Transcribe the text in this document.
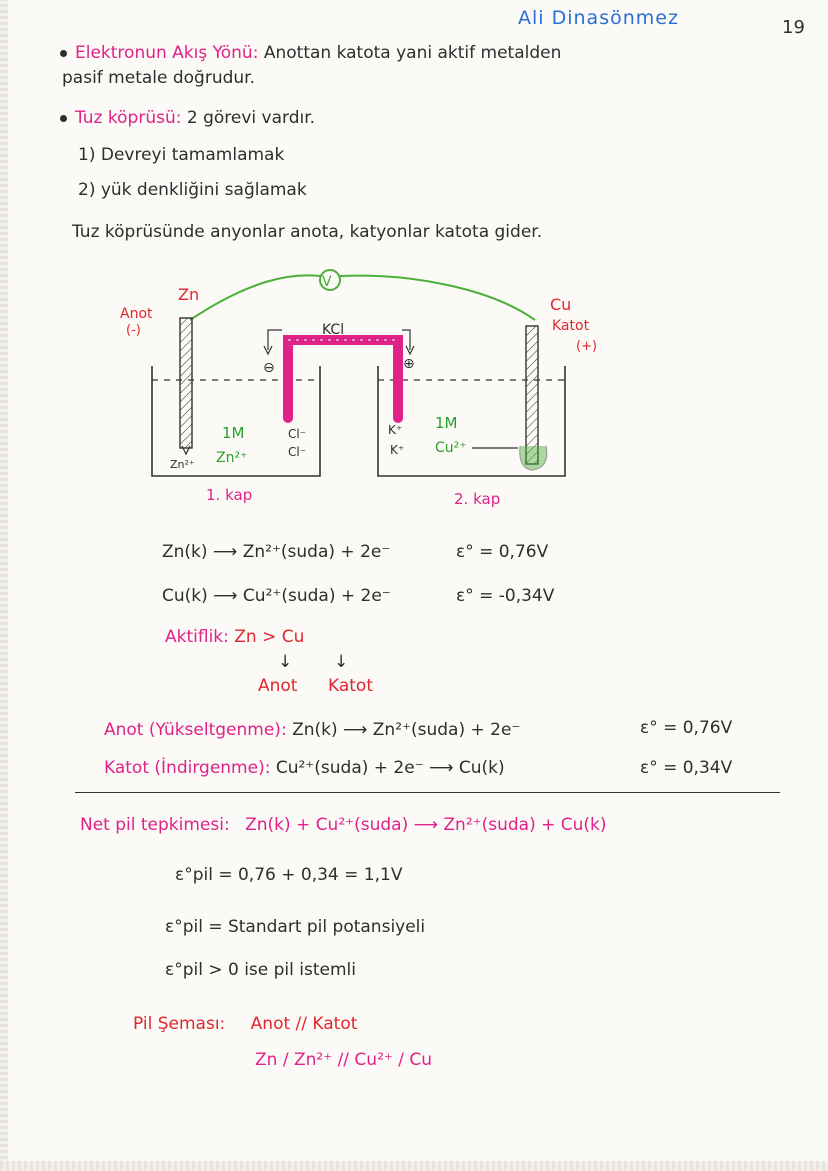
Ali Dinasönmez	19
Elektronun Akış Yönü: Anottan katota yani aktif metalden
pasif metale doğrudur.
Tuz köprüsü: 2 görevi vardır.
1) Devreyi tamamlamak
2) yük denkliğini sağlamak
Tuz köprüsünde anyonlar anota, katyonlar katota gider.
Zn
Anot
(-)
V
KCl
⊖	⊕
Cu
Katot
(+)
1M
Zn²⁺
Zn²⁺
Cl⁻
Cl⁻
K⁺
K⁺
1M
Cu²⁺
1. kap	2. kap
Zn(k) ⟶ Zn²⁺(suda) + 2e⁻	ε° = 0,76V
Cu(k) ⟶ Cu²⁺(suda) + 2e⁻	ε° = -0,34V
Aktiflik: Zn > Cu
↓ ↓
Anot Katot
Anot (Yükseltgenme): Zn(k) ⟶ Zn²⁺(suda) + 2e⁻	ε° = 0,76V
Katot (İndirgenme): Cu²⁺(suda) + 2e⁻ ⟶ Cu(k)	ε° = 0,34V
Net pil tepkimesi: Zn(k) + Cu²⁺(suda) ⟶ Zn²⁺(suda) + Cu(k)
ε°pil = 0,76 + 0,34 = 1,1V
ε°pil = Standart pil potansiyeli
ε°pil > 0 ise pil istemli
Pil Şeması: Anot // Katot
Zn / Zn²⁺ // Cu²⁺ / Cu
